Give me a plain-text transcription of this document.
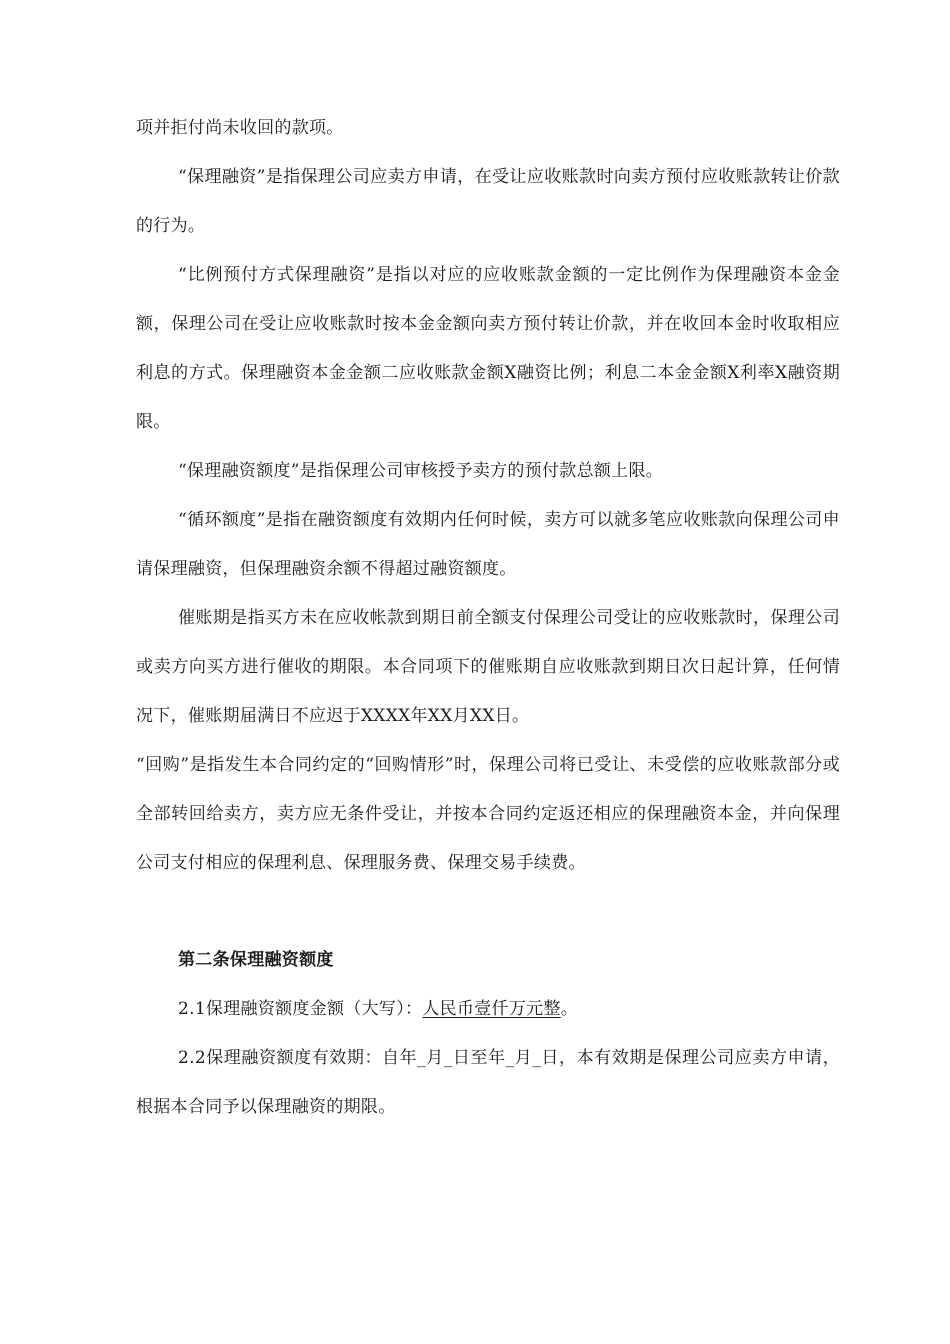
项并拒付尚未收回的款项。

“保理融资”是指保理公司应卖方申请，在受让应收账款时向卖方预付应收账款转让价款的行为。

“比例预付方式保理融资”是指以对应的应收账款金额的一定比例作为保理融资本金金额，保理公司在受让应收账款时按本金金额向卖方预付转让价款，并在收回本金时收取相应利息的方式。保理融资本金金额二应收账款金额X融资比例；利息二本金金额X利率X融资期限。

“保理融资额度”是指保理公司审核授予卖方的预付款总额上限。

“循环额度”是指在融资额度有效期内任何时候，卖方可以就多笔应收账款向保理公司申请保理融资，但保理融资余额不得超过融资额度。

催账期是指买方未在应收帐款到期日前全额支付保理公司受让的应收账款时，保理公司或卖方向买方进行催收的期限。本合同项下的催账期自应收账款到期日次日起计算，任何情况下，催账期届满日不应迟于XXXX年XX月XX日。

“回购”是指发生本合同约定的“回购情形”时，保理公司将已受让、未受偿的应收账款部分或全部转回给卖方，卖方应无条件受让，并按本合同约定返还相应的保理融资本金，并向保理公司支付相应的保理利息、保理服务费、保理交易手续费。

第二条保理融资额度

2.1保理融资额度金额（大写）：人民币壹仟万元整。

2.2保理融资额度有效期：自年_月_日至年_月_日，本有效期是保理公司应卖方申请，根据本合同予以保理融资的期限。
